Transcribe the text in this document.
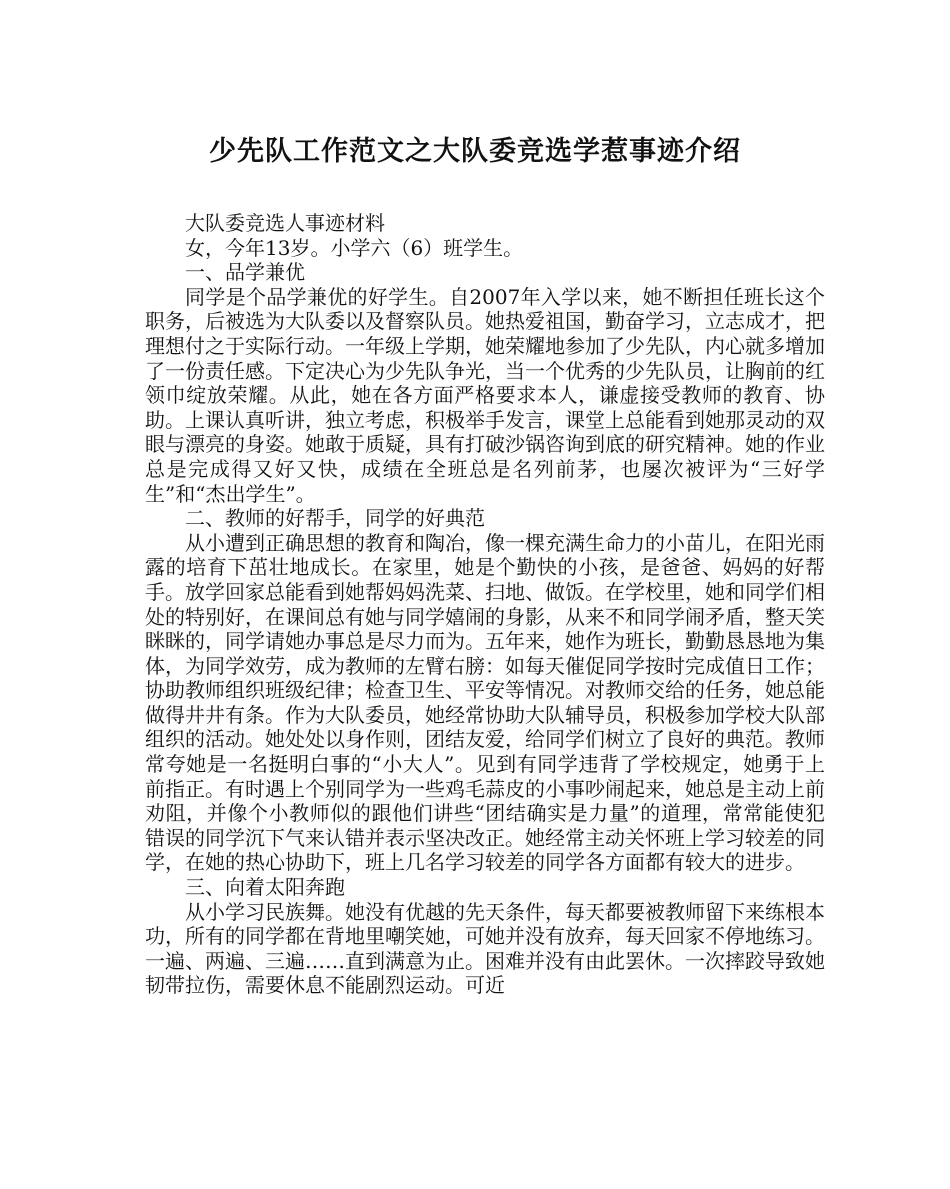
少先队工作范文之大队委竞选学惹事迹介绍

大队委竞选人事迹材料

女，今年13岁。小学六（6）班学生。

一、品学兼优

同学是个品学兼优的好学生。自2007年入学以来，她不断担任班长这个职务，后被选为大队委以及督察队员。她热爱祖国，勤奋学习，立志成才，把理想付之于实际行动。一年级上学期，她荣耀地参加了少先队，内心就多增加了一份责任感。下定决心为少先队争光，当一个优秀的少先队员，让胸前的红领巾绽放荣耀。从此，她在各方面严格要求本人，谦虚接受教师的教育、协助。上课认真听讲，独立考虑，积极举手发言，课堂上总能看到她那灵动的双眼与漂亮的身姿。她敢于质疑，具有打破沙锅咨询到底的研究精神。她的作业总是完成得又好又快，成绩在全班总是名列前茅，也屡次被评为“三好学生”和“杰出学生”。

二、教师的好帮手，同学的好典范

从小遭到正确思想的教育和陶冶，像一棵充满生命力的小苗儿，在阳光雨露的培育下茁壮地成长。在家里，她是个勤快的小孩，是爸爸、妈妈的好帮手。放学回家总能看到她帮妈妈洗菜、扫地、做饭。在学校里，她和同学们相处的特别好，在课间总有她与同学嬉闹的身影，从来不和同学闹矛盾，整天笑眯眯的，同学请她办事总是尽力而为。五年来，她作为班长，勤勤恳恳地为集体，为同学效劳，成为教师的左臂右膀：如每天催促同学按时完成值日工作；协助教师组织班级纪律；检查卫生、平安等情况。对教师交给的任务，她总能做得井井有条。作为大队委员，她经常协助大队辅导员，积极参加学校大队部组织的活动。她处处以身作则，团结友爱，给同学们树立了良好的典范。教师常夸她是一名挺明白事的“小大人”。见到有同学违背了学校规定，她勇于上前指正。有时遇上个别同学为一些鸡毛蒜皮的小事吵闹起来，她总是主动上前劝阻，并像个小教师似的跟他们讲些“团结确实是力量”的道理，常常能使犯错误的同学沉下气来认错并表示坚决改正。她经常主动关怀班上学习较差的同学，在她的热心协助下，班上几名学习较差的同学各方面都有较大的进步。

三、向着太阳奔跑

从小学习民族舞。她没有优越的先天条件，每天都要被教师留下来练根本功，所有的同学都在背地里嘲笑她，可她并没有放弃，每天回家不停地练习。一遍、两遍、三遍……直到满意为止。困难并没有由此罢休。一次摔跤导致她韧带拉伤，需要休息不能剧烈运动。可近
